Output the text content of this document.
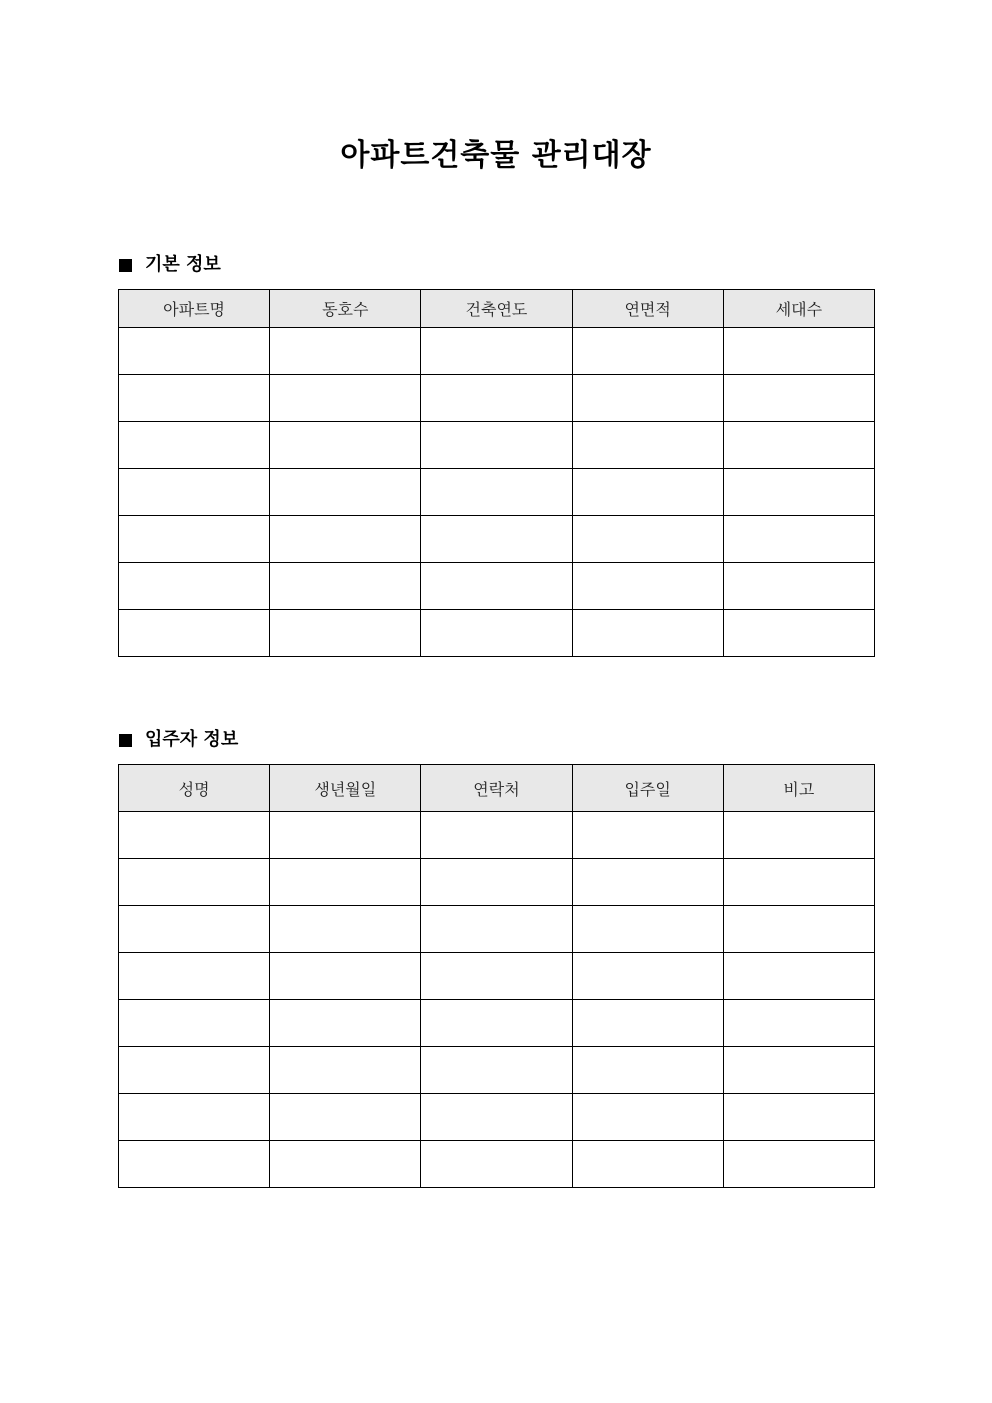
아파트건축물 관리대장
기본 정보
아파트명	동호수	건축연도	연면적	세대수

입주자 정보
성명	생년월일	연락처	입주일	비고
